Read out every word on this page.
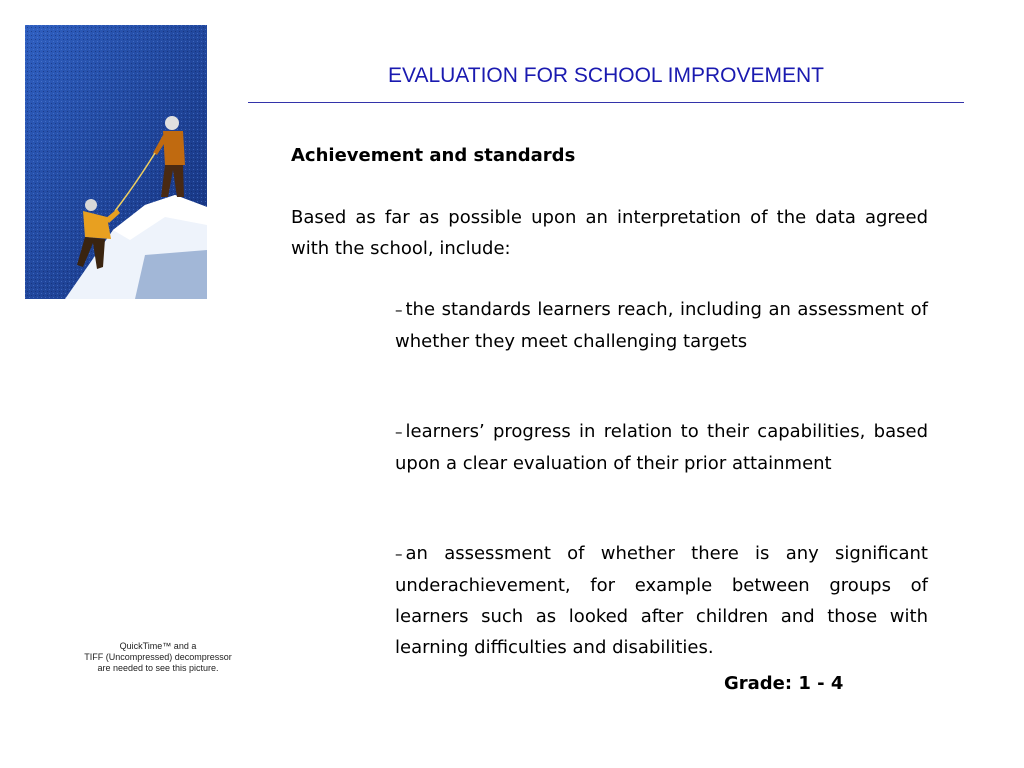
EVALUATION FOR SCHOOL IMPROVEMENT
Achievement and standards
Based as far as possible upon an interpretation of the data agreed with the school, include:
– the standards learners reach, including an assessment of whether they meet challenging targets
– learners’ progress in relation to their capabilities, based upon a clear evaluation of their prior attainment
– an assessment of whether there is any significant underachievement, for example between groups of learners such as looked after children and those with learning difficulties and disabilities.
Grade: 1 - 4
QuickTime™ and a
TIFF (Uncompressed) decompressor
are needed to see this picture.
